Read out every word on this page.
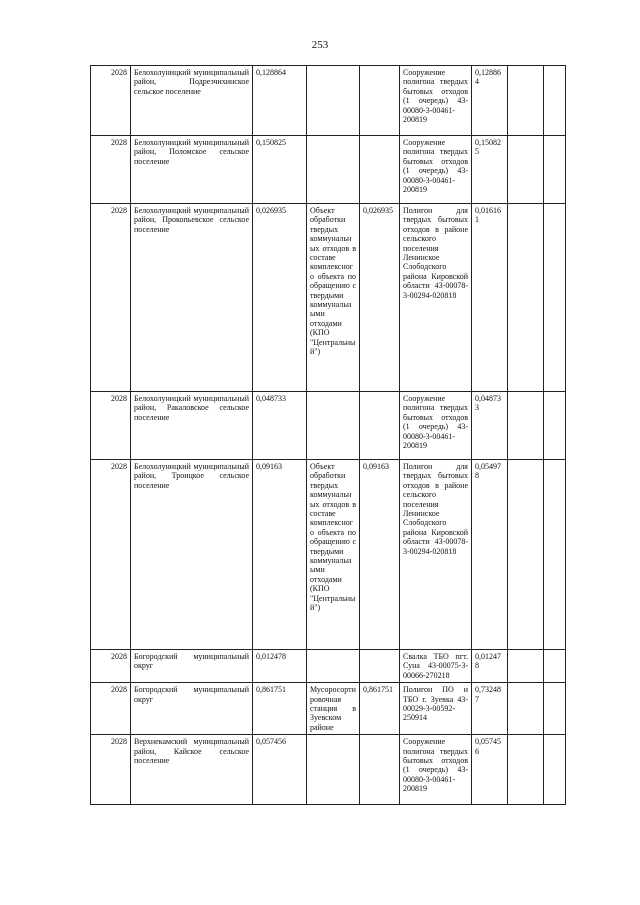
253
2028	Белохолуницкий муниципальный район, Подрезчихинское сельское поселение	0,128864			Сооружение полигона твердых бытовых отходов (1 очередь) 43-00080-3-00461-200819	0,128864		
2028	Белохолуницкий муниципальный район, Поломское сельское поселение	0,150825			Сооружение полигона твердых бытовых отходов (1 очередь) 43-00080-3-00461-200819	0,150825		
2028	Белохолуницкий муниципальный район, Прокопьевское сельское поселение	0,026935	Объект обработки твердых коммунальных отходов в составе комплексного объекта по обращению с твердыми коммунальными отходами (КПО "Центральный")	0,026935	Полигон для твердых бытовых отходов в районе сельского поселения Ленинское Слободского района Кировской области 43-00078-3-00294-020818	0,016161		
2028	Белохолуницкий муниципальный район, Ракаловское сельское поселение	0,048733			Сооружение полигона твердых бытовых отходов (1 очередь) 43-00080-3-00461-200819	0,048733		
2028	Белохолуницкий муниципальный район, Троицкое сельское поселение	0,09163	Объект обработки твердых коммунальных отходов в составе комплексного объекта по обращению с твердыми коммунальными отходами (КПО "Центральный")	0,09163	Полигон для твердых бытовых отходов в районе сельского поселения Ленинское Слободского района Кировской области 43-00078-3-00294-020818	0,054978		
2028	Богородский муниципальный округ	0,012478			Свалка ТБО пгт. Суна 43-00075-3-00066-270218	0,012478		
2028	Богородский муниципальный округ	0,861751	Мусоросортировочная станция в Зуевском районе	0,861751	Полигон ПО и ТБО г. Зуевка 43-00029-3-00592-250914	0,732487		
2028	Верхнекамский муниципальный район, Кайское сельское поселение	0,057456			Сооружение полигона твердых бытовых отходов (1 очередь) 43-00080-3-00461-200819	0,057456		
